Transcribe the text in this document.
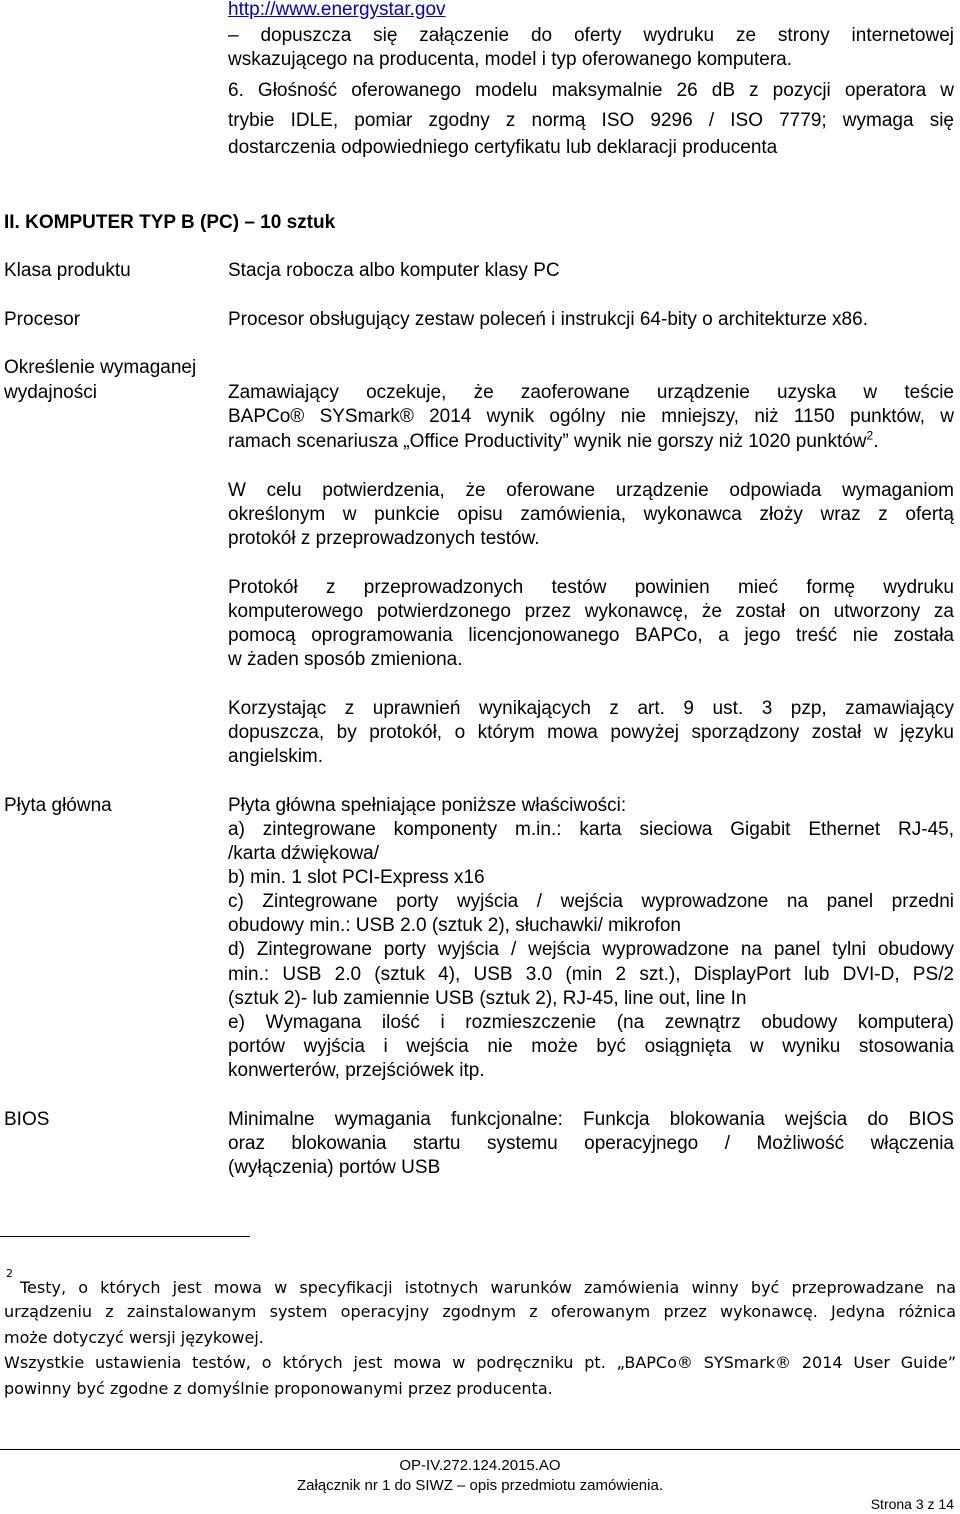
http://www.energystar.gov
– dopuszcza się załączenie do oferty wydruku ze strony internetowej
wskazującego na producenta, model i typ oferowanego komputera.
6. Głośność oferowanego modelu maksymalnie 26 dB z pozycji operatora w
trybie IDLE, pomiar zgodny z normą ISO 9296 / ISO 7779; wymaga się
dostarczenia odpowiedniego certyfikatu lub deklaracji producenta
II. KOMPUTER TYP B (PC) – 10 sztuk
Klasa produktu	Stacja robocza albo komputer klasy PC
Procesor	Procesor obsługujący zestaw poleceń i instrukcji 64-bity o architekturze x86.
Określenie wymaganej
wydajności	Zamawiający oczekuje, że zaoferowane urządzenie uzyska w teście
BAPCo® SYSmark® 2014 wynik ogólny nie mniejszy, niż 1150 punktów, w
ramach scenariusza „Office Productivity” wynik nie gorszy niż 1020 punktów$^2$.
W celu potwierdzenia, że oferowane urządzenie odpowiada wymaganiom
określonym w punkcie opisu zamówienia, wykonawca złoży wraz z ofertą
protokół z przeprowadzonych testów.
Protokół z przeprowadzonych testów powinien mieć formę wydruku
komputerowego potwierdzonego przez wykonawcę, że został on utworzony za
pomocą oprogramowania licencjonowanego BAPCo, a jego treść nie została
w żaden sposób zmieniona.
Korzystając z uprawnień wynikających z art. 9 ust. 3 pzp, zamawiający
dopuszcza, by protokół, o którym mowa powyżej sporządzony został w języku
angielskim.
Płyta główna	Płyta główna spełniające poniższe właściwości:
a) zintegrowane komponenty m.in.: karta sieciowa Gigabit Ethernet RJ-45,
/karta dźwiękowa/
b) min. 1 slot PCI-Express x16
c) Zintegrowane porty wyjścia / wejścia wyprowadzone na panel przedni
obudowy min.: USB 2.0 (sztuk 2), słuchawki/ mikrofon
d) Zintegrowane porty wyjścia / wejścia wyprowadzone na panel tylni obudowy
min.: USB 2.0 (sztuk 4), USB 3.0 (min 2 szt.), DisplayPort lub DVI-D, PS/2
(sztuk 2)- lub zamiennie USB (sztuk 2), RJ-45, line out, line In
e) Wymagana ilość i rozmieszczenie (na zewnątrz obudowy komputera)
portów wyjścia i wejścia nie może być osiągnięta w wyniku stosowania
konwerterów, przejściówek itp.
BIOS	Minimalne wymagania funkcjonalne: Funkcja blokowania wejścia do BIOS
oraz blokowania startu systemu operacyjnego / Możliwość włączenia
(wyłączenia) portów USB
2
Testy, o których jest mowa w specyfikacji istotnych warunków zamówienia winny być przeprowadzane na
urządzeniu z zainstalowanym system operacyjny zgodnym z oferowanym przez wykonawcę. Jedyna różnica
może dotyczyć wersji językowej.
Wszystkie ustawienia testów, o których jest mowa w podręczniku pt. „BAPCo® SYSmark® 2014 User Guide”
powinny być zgodne z domyślnie proponowanymi przez producenta.
OP-IV.272.124.2015.AO
Załącznik nr 1 do SIWZ – opis przedmiotu zamówienia.
Strona 3 z 14
